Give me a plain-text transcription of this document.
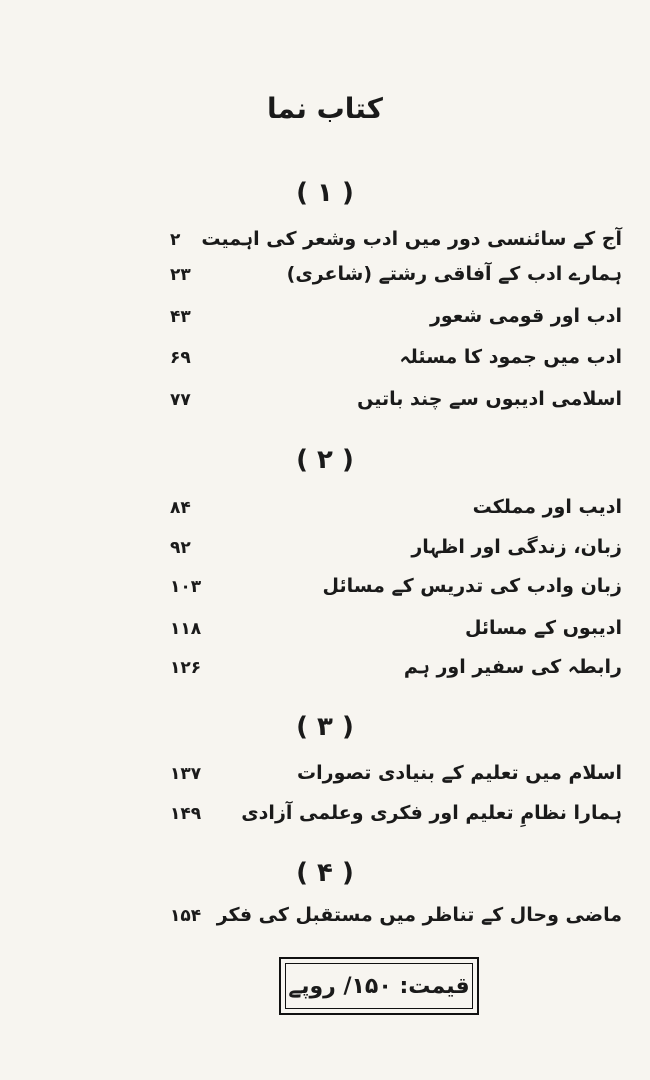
کتاب نما
( ۱ )
آج کے سائنسی دور میں ادب وشعر کی اہمیت
۲
ہمارے ادب کے آفاقی رشتے (شاعری)
۲۳
ادب اور قومی شعور
۴۳
ادب میں جمود کا مسئلہ
۶۹
اسلامی ادیبوں سے چند باتیں
۷۷
( ۲ )
ادیب اور مملکت
۸۴
زبان، زندگی اور اظہار
۹۲
زبان وادب کی تدریس کے مسائل
۱۰۳
ادیبوں کے مسائل
۱۱۸
رابطہ کی سفیر اور ہم
۱۲۶
( ۳ )
اسلام میں تعلیم کے بنیادی تصورات
۱۳۷
ہمارا نظامِ تعلیم اور فکری وعلمی آزادی
۱۴۹
( ۴ )
ماضی وحال کے تناظر میں مستقبل کی فکر
۱۵۴
قیمت: ۱۵۰/ روپے
